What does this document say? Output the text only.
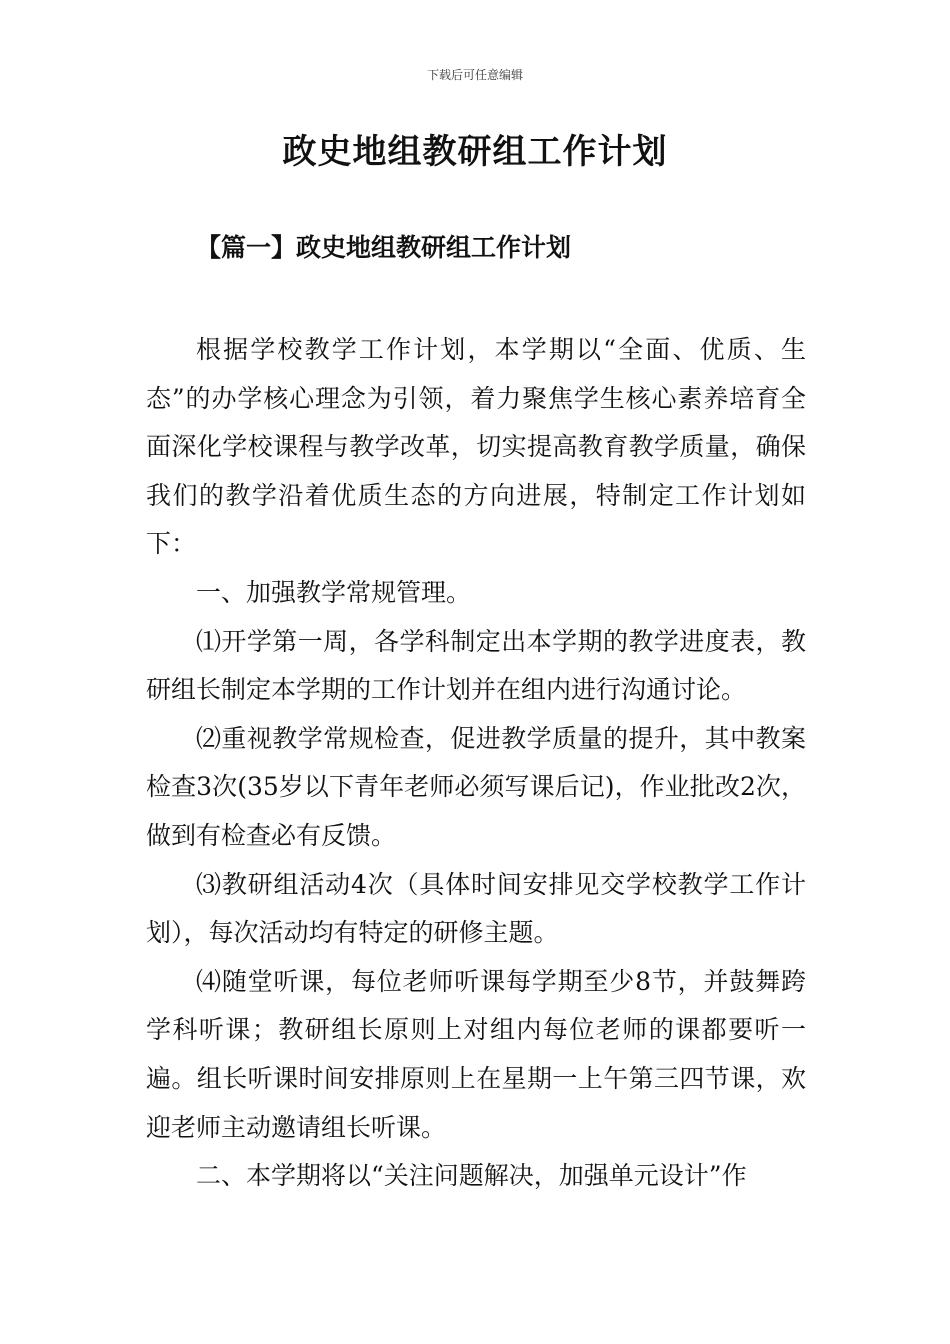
下载后可任意编辑
政史地组教研组工作计划
【篇一】政史地组教研组工作计划

根据学校教学工作计划，本学期以“全面、优质、生态”的办学核心理念为引领，着力聚焦学生核心素养培育全面深化学校课程与教学改革，切实提高教育教学质量，确保我们的教学沿着优质生态的方向进展，特制定工作计划如下：

一、加强教学常规管理。

⑴开学第一周，各学科制定出本学期的教学进度表，教研组长制定本学期的工作计划并在组内进行沟通讨论。

⑵重视教学常规检查，促进教学质量的提升，其中教案检查3次(35岁以下青年老师必须写课后记)，作业批改2次，做到有检查必有反馈。

⑶教研组活动4次（具体时间安排见交学校教学工作计划），每次活动均有特定的研修主题。

⑷随堂听课，每位老师听课每学期至少8节，并鼓舞跨学科听课；教研组长原则上对组内每位老师的课都要听一遍。组长听课时间安排原则上在星期一上午第三四节课，欢迎老师主动邀请组长听课。

二、本学期将以“关注问题解决，加强单元设计”作
